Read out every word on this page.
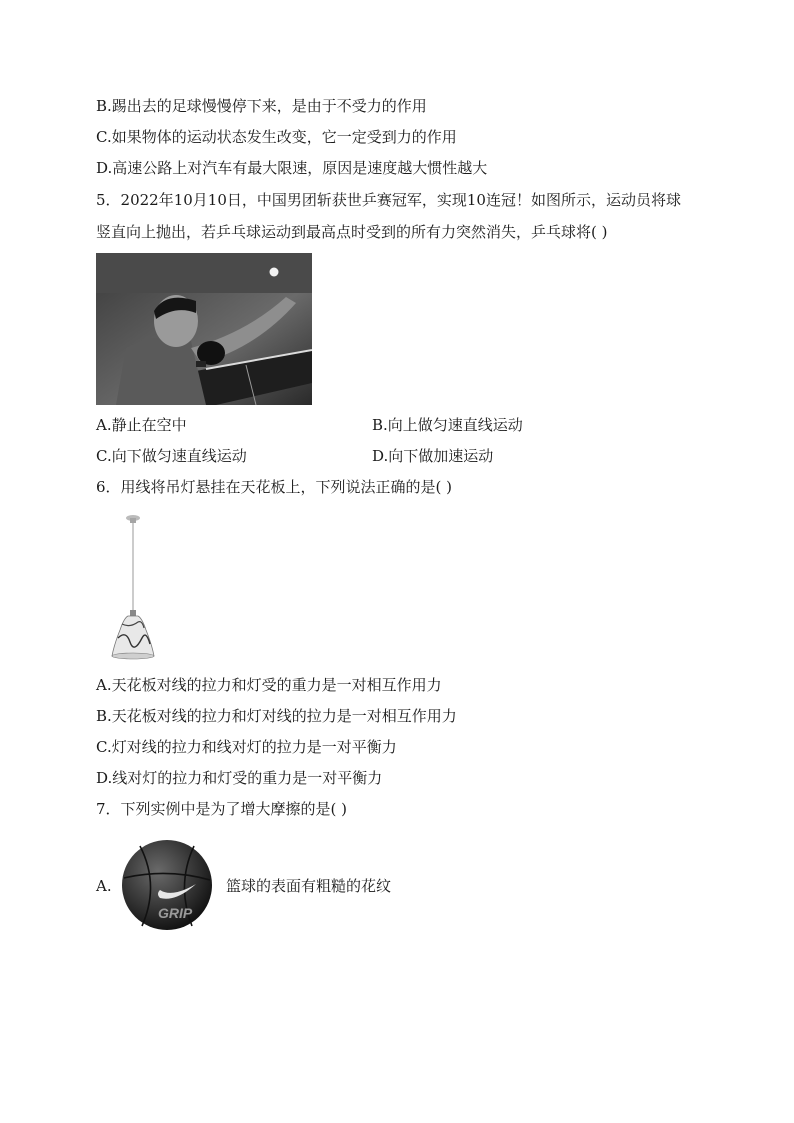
B.踢出去的足球慢慢停下来，是由于不受力的作用
C.如果物体的运动状态发生改变，它一定受到力的作用
D.高速公路上对汽车有最大限速，原因是速度越大惯性越大
5．2022年10月10日，中国男团斩获世乒赛冠军，实现10连冠！如图所示，运动员将球
竖直向上抛出，若乒乓球运动到最高点时受到的所有力突然消失，乒乓球将( )
A.静止在空中	B.向上做匀速直线运动
C.向下做匀速直线运动	D.向下做加速运动
6．用线将吊灯悬挂在天花板上，下列说法正确的是( )
A.天花板对线的拉力和灯受的重力是一对相互作用力
B.天花板对线的拉力和灯对线的拉力是一对相互作用力
C.灯对线的拉力和线对灯的拉力是一对平衡力
D.线对灯的拉力和灯受的重力是一对平衡力
7．下列实例中是为了增大摩擦的是( )
A.
GRIP
篮球的表面有粗糙的花纹
